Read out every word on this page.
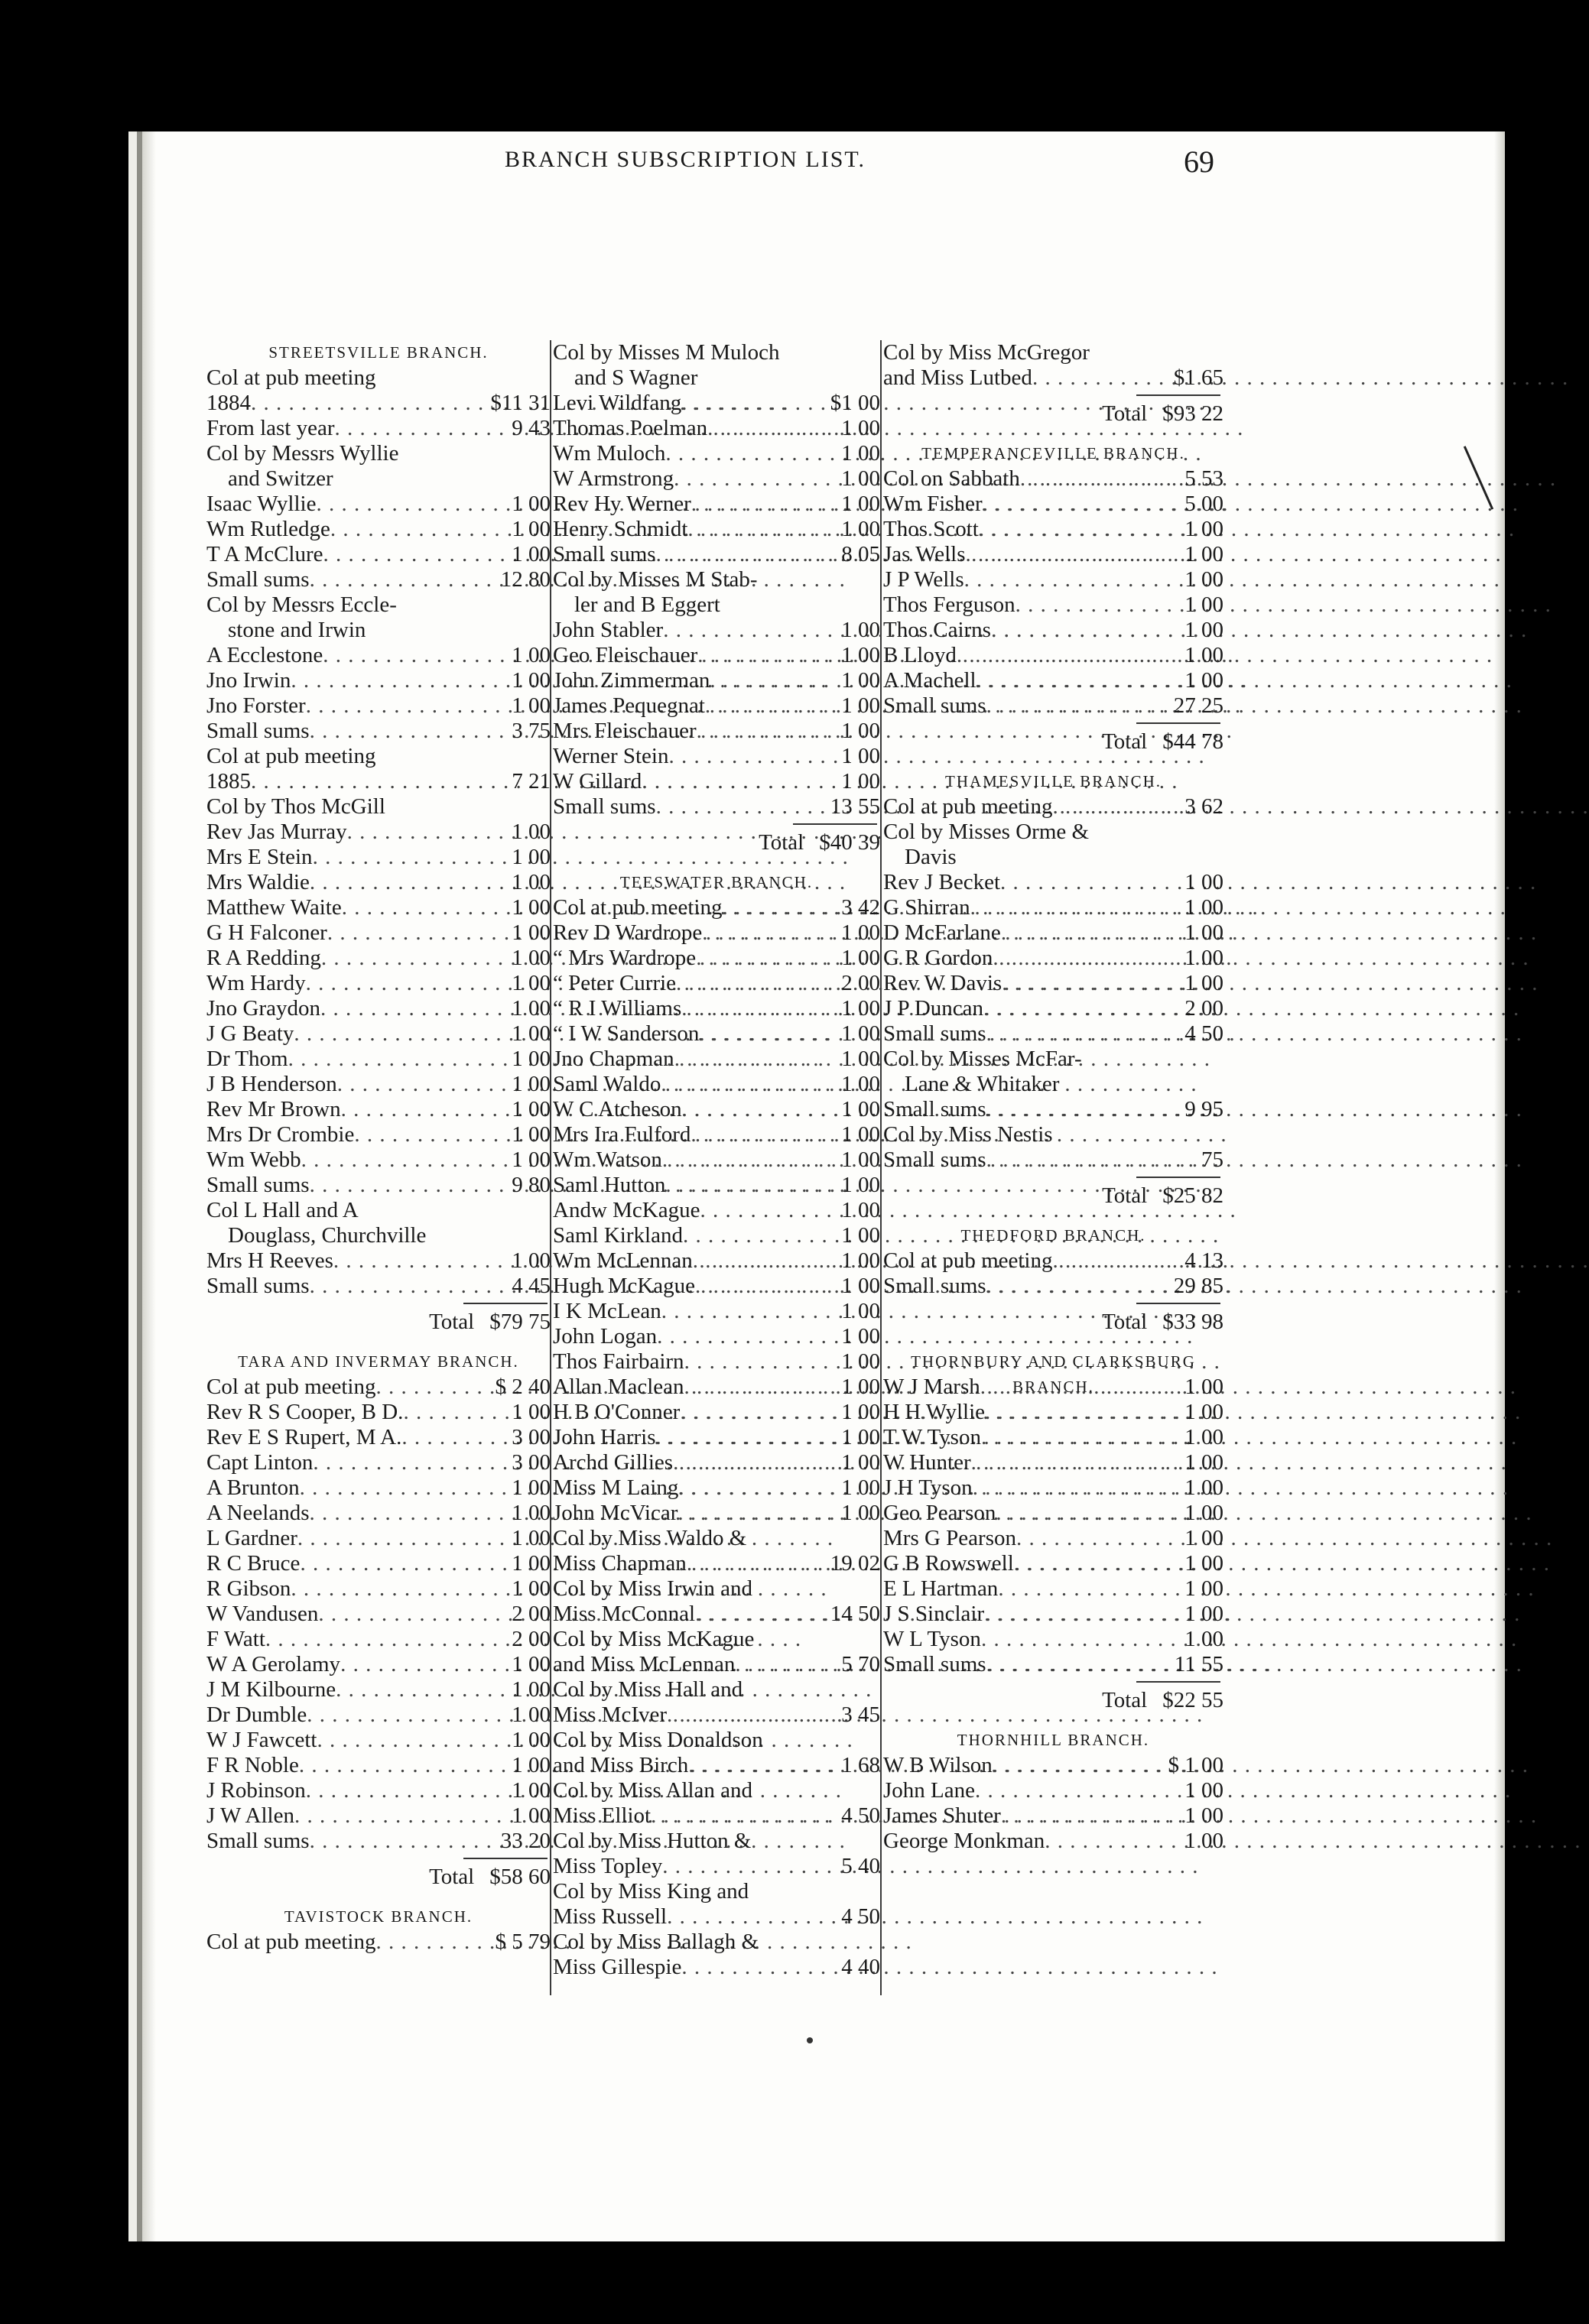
BRANCH SUBSCRIPTION LIST.	69
STREETSVILLE BRANCH.
Col at pub meeting
1884 . . .	$11 31
From last year . . .	9 43
Col by Messrs Wyllie
and Switzer
Isaac Wyllie . . .	1 00
Wm Rutledge . . .	1 00
T A McClure . . .	1 00
Small sums . . .	12 80
Col by Messrs Eccle-
stone and Irwin
A Ecclestone . . .	1 00
Jno Irwin . . .	1 00
Jno Forster . . .	1 00
Small sums . . .	3 75
Col at pub meeting
1885 . . .	7 21
Col by Thos McGill
Rev Jas Murray . . .	1 00
Mrs E Stein . . .	1 00
Mrs Waldie . . .	1 00
Matthew Waite . . .	1 00
G H Falconer . . .	1 00
R A Redding . . .	1 00
Wm Hardy . . .	1 00
Jno Graydon . . .	1 00
J G Beaty . . .	1 00
Dr Thom . . .	1 00
J B Henderson . . .	1 00
Rev Mr Brown . . .	1 00
Mrs Dr Crombie . . .	1 00
Wm Webb . . .	1 00
Small sums . . .	9 80
Col L Hall and A
Douglass, Churchville
Mrs H Reeves . . .	1 00
Small sums . . .	4 45
Total $79 75
TARA AND INVERMAY BRANCH.
Col at pub meeting . . .	$ 2 40
Rev R S Cooper, B D. . . .	1 00
Rev E S Rupert, M A. . . .	3 00
Capt Linton . . .	3 00
A Brunton . . .	1 00
A Neelands . . .	1 00
L Gardner . . .	1 00
R C Bruce . . .	1 00
R Gibson . . .	1 00
W Vandusen . . .	2 00
F Watt . . .	2 00
W A Gerolamy . . .	1 00
J M Kilbourne . . .	1 00
Dr Dumble . . .	1 00
W J Fawcett . . .	1 00
F R Noble . . .	1 00
J Robinson . . .	1 00
J W Allen . . .	1 00
Small sums . . .	33 20
Total $58 60
TAVISTOCK BRANCH.
Col at pub meeting . . .	$ 5 79
Col by Misses M Muloch
and S Wagner
Levi Wildfang . . .	$1 00
Thomas Poelman . . .	1 00
Wm Muloch . . .	1 00
W Armstrong . . .	1 00
Rev Hy Werner . . .	1 00
Henry Schmidt . . .	1 00
Small sums . . .	8 05
Col by Misses M Stab-
ler and B Eggert
John Stabler . . .	1 00
Geo Fleischauer . . .	1 00
John Zimmerman . . .	1 00
James Pequegnat . . .	1 00
Mrs Fleischauer . . .	1 00
Werner Stein . . .	1 00
W Gillard . . .	1 00
Small sums . . .	13 55
Total $40 39
TEESWATER BRANCH.
Col at pub meeting . . .	3 42
Rev D Wardrope . . .	1 00
“ Mrs Wardrope . . .	1 00
“ Peter Currie . . .	2 00
“ R I Williams . . .	1 00
“ I W Sanderson . . .	1 00
Jno Chapman . . .	1 00
Saml Waldo . . .	1 00
W C Atcheson . . .	1 00
Mrs Ira Fulford . . .	1 00
Wm Watson . . .	1 00
Saml Hutton . . .	1 00
Andw McKague . . .	1 00
Saml Kirkland . . .	1 00
Wm McLennan . . .	1 00
Hugh McKague . . .	1 00
I K McLean . . .	1 00
John Logan . . .	1 00
Thos Fairbairn . . .	1 00
Allan Maclean . . .	1 00
H B O'Conner . . .	1 00
John Harris . . .	1 00
Archd Gillies . . .	1 00
Miss M Laing . . .	1 00
John McVicar . . .	1 00
Col by Miss Waldo &
Miss Chapman . . .	19 02
Col by Miss Irwin and
Miss McConnal . . .	14 50
Col by Miss McKague
and Miss McLennan . . .	5 70
Col by Miss Hall and
Miss McIver . . .	3 45
Col by Miss Donaldson
and Miss Birch . . .	1 68
Col by Miss Allan and
Miss Elliot . . .	4 50
Col by Miss Hutton &
Miss Topley . . .	5 40
Col by Miss King and
Miss Russell . . .	4 50
Col by Miss Ballagh &
Miss Gillespie . . .	4 40
Col by Miss McGregor
and Miss Lutbed . . .	$1 65
Total $93 22
TEMPERANCEVILLE BRANCH.
Col on Sabbath . . .	5 53
Wm Fisher . . .	5 00
Thos Scott . . .	1 00
Jas Wells . . .	1 00
J P Wells . . .	1 00
Thos Ferguson . . .	1 00
Thos Cairns . . .	1 00
B Lloyd . . .	1 00
A Machell . . .	1 00
Small sums . . .	27 25
Total $44 78
THAMESVILLE BRANCH.
Col at pub meeting . . .	3 62
Col by Misses Orme &
Davis
Rev J Becket . . .	1 00
G Shirran . . .	1 00
D McFarlane . . .	1 00
G R Gordon . . .	1 00
Rev W Davis . . .	1 00
J P Duncan . . .	2 00
Small sums . . .	4 50
Col by Misses McFar-
Lane & Whitaker
Small sums . . .	9 95
Col by Miss Nestis
Small sums . . .	75
Total $25 82
THEDFORD BRANCH.
Col at pub meeting . . .	4 13
Small sums . . .	29 85
Total $33 98
THORNBURY AND CLARKSBURG BRANCH.
W J Marsh . . .	1 00
H H Wyllie . . .	1 00
T W Tyson . . .	1 00
W Hunter . . .	1 00
J H Tyson . . .	1 00
Geo Pearson . . .	1 00
Mrs G Pearson . . .	1 00
G B Rowswell . . .	1 00
E L Hartman . . .	1 00
J S Sinclair . . .	1 00
W L Tyson . . .	1 00
Small sums . . .	11 55
Total $22 55
THORNHILL BRANCH.
W B Wilson . . .	$ 1 00
John Lane . . .	1 00
James Shuter . . .	1 00
George Monkman . . .	1 00
